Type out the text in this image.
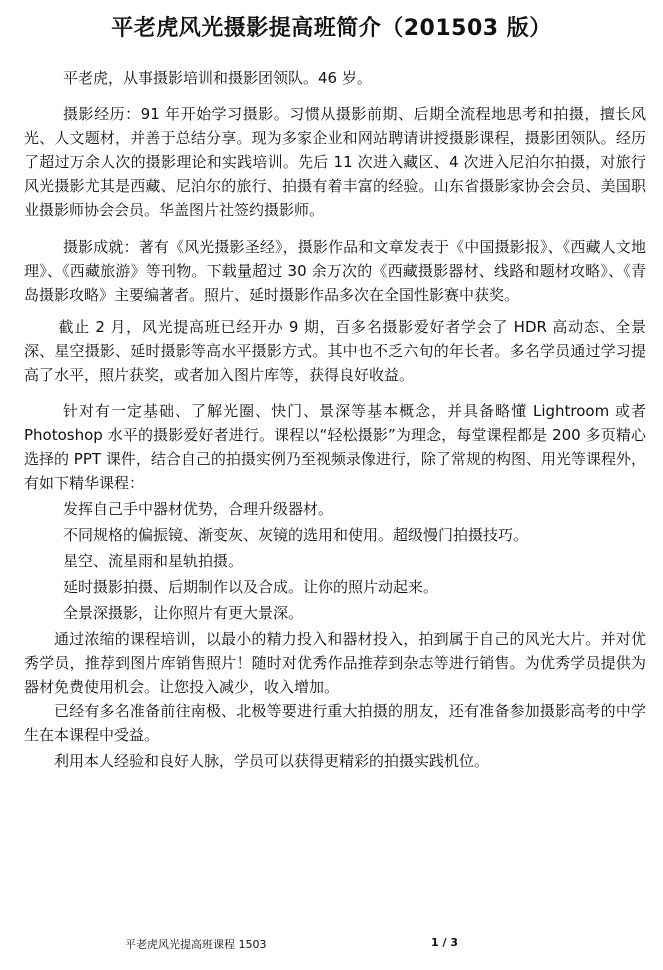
平老虎风光摄影提高班简介（201503 版）

平老虎，从事摄影培训和摄影团领队。46 岁。

摄影经历：91 年开始学习摄影。习惯从摄影前期、后期全流程地思考和拍摄，擅长风光、人文题材，并善于总结分享。现为多家企业和网站聘请讲授摄影课程，摄影团领队。经历了超过万余人次的摄影理论和实践培训。先后 11 次进入藏区、4 次进入尼泊尔拍摄，对旅行风光摄影尤其是西藏、尼泊尔的旅行、拍摄有着丰富的经验。山东省摄影家协会会员、美国职业摄影师协会会员。华盖图片社签约摄影师。

摄影成就：著有《风光摄影圣经》，摄影作品和文章发表于《中国摄影报》、《西藏人文地理》、《西藏旅游》等刊物。下载量超过 30 余万次的《西藏摄影器材、线路和题材攻略》、《青岛摄影攻略》主要编著者。照片、延时摄影作品多次在全国性影赛中获奖。

截止 2 月，风光提高班已经开办 9 期，百多名摄影爱好者学会了 HDR 高动态、全景深、星空摄影、延时摄影等高水平摄影方式。其中也不乏六旬的年长者。多名学员通过学习提高了水平，照片获奖，或者加入图片库等，获得良好收益。

针对有一定基础、了解光圈、快门、景深等基本概念，并具备略懂 Lightroom 或者 Photoshop 水平的摄影爱好者进行。课程以“轻松摄影”为理念，每堂课程都是 200 多页精心选择的 PPT 课件，结合自己的拍摄实例乃至视频录像进行，除了常规的构图、用光等课程外，有如下精华课程：

发挥自己手中器材优势，合理升级器材。

不同规格的偏振镜、渐变灰、灰镜的选用和使用。超级慢门拍摄技巧。

星空、流星雨和星轨拍摄。

延时摄影拍摄、后期制作以及合成。让你的照片动起来。

全景深摄影，让你照片有更大景深。

通过浓缩的课程培训，以最小的精力投入和器材投入，拍到属于自己的风光大片。并对优秀学员，推荐到图片库销售照片！随时对优秀作品推荐到杂志等进行销售。为优秀学员提供为器材免费使用机会。让您投入减少，收入增加。

已经有多名准备前往南极、北极等要进行重大拍摄的朋友，还有准备参加摄影高考的中学生在本课程中受益。

利用本人经验和良好人脉，学员可以获得更精彩的拍摄实践机位。

平老虎风光提高班课程 1503	1 / 3
